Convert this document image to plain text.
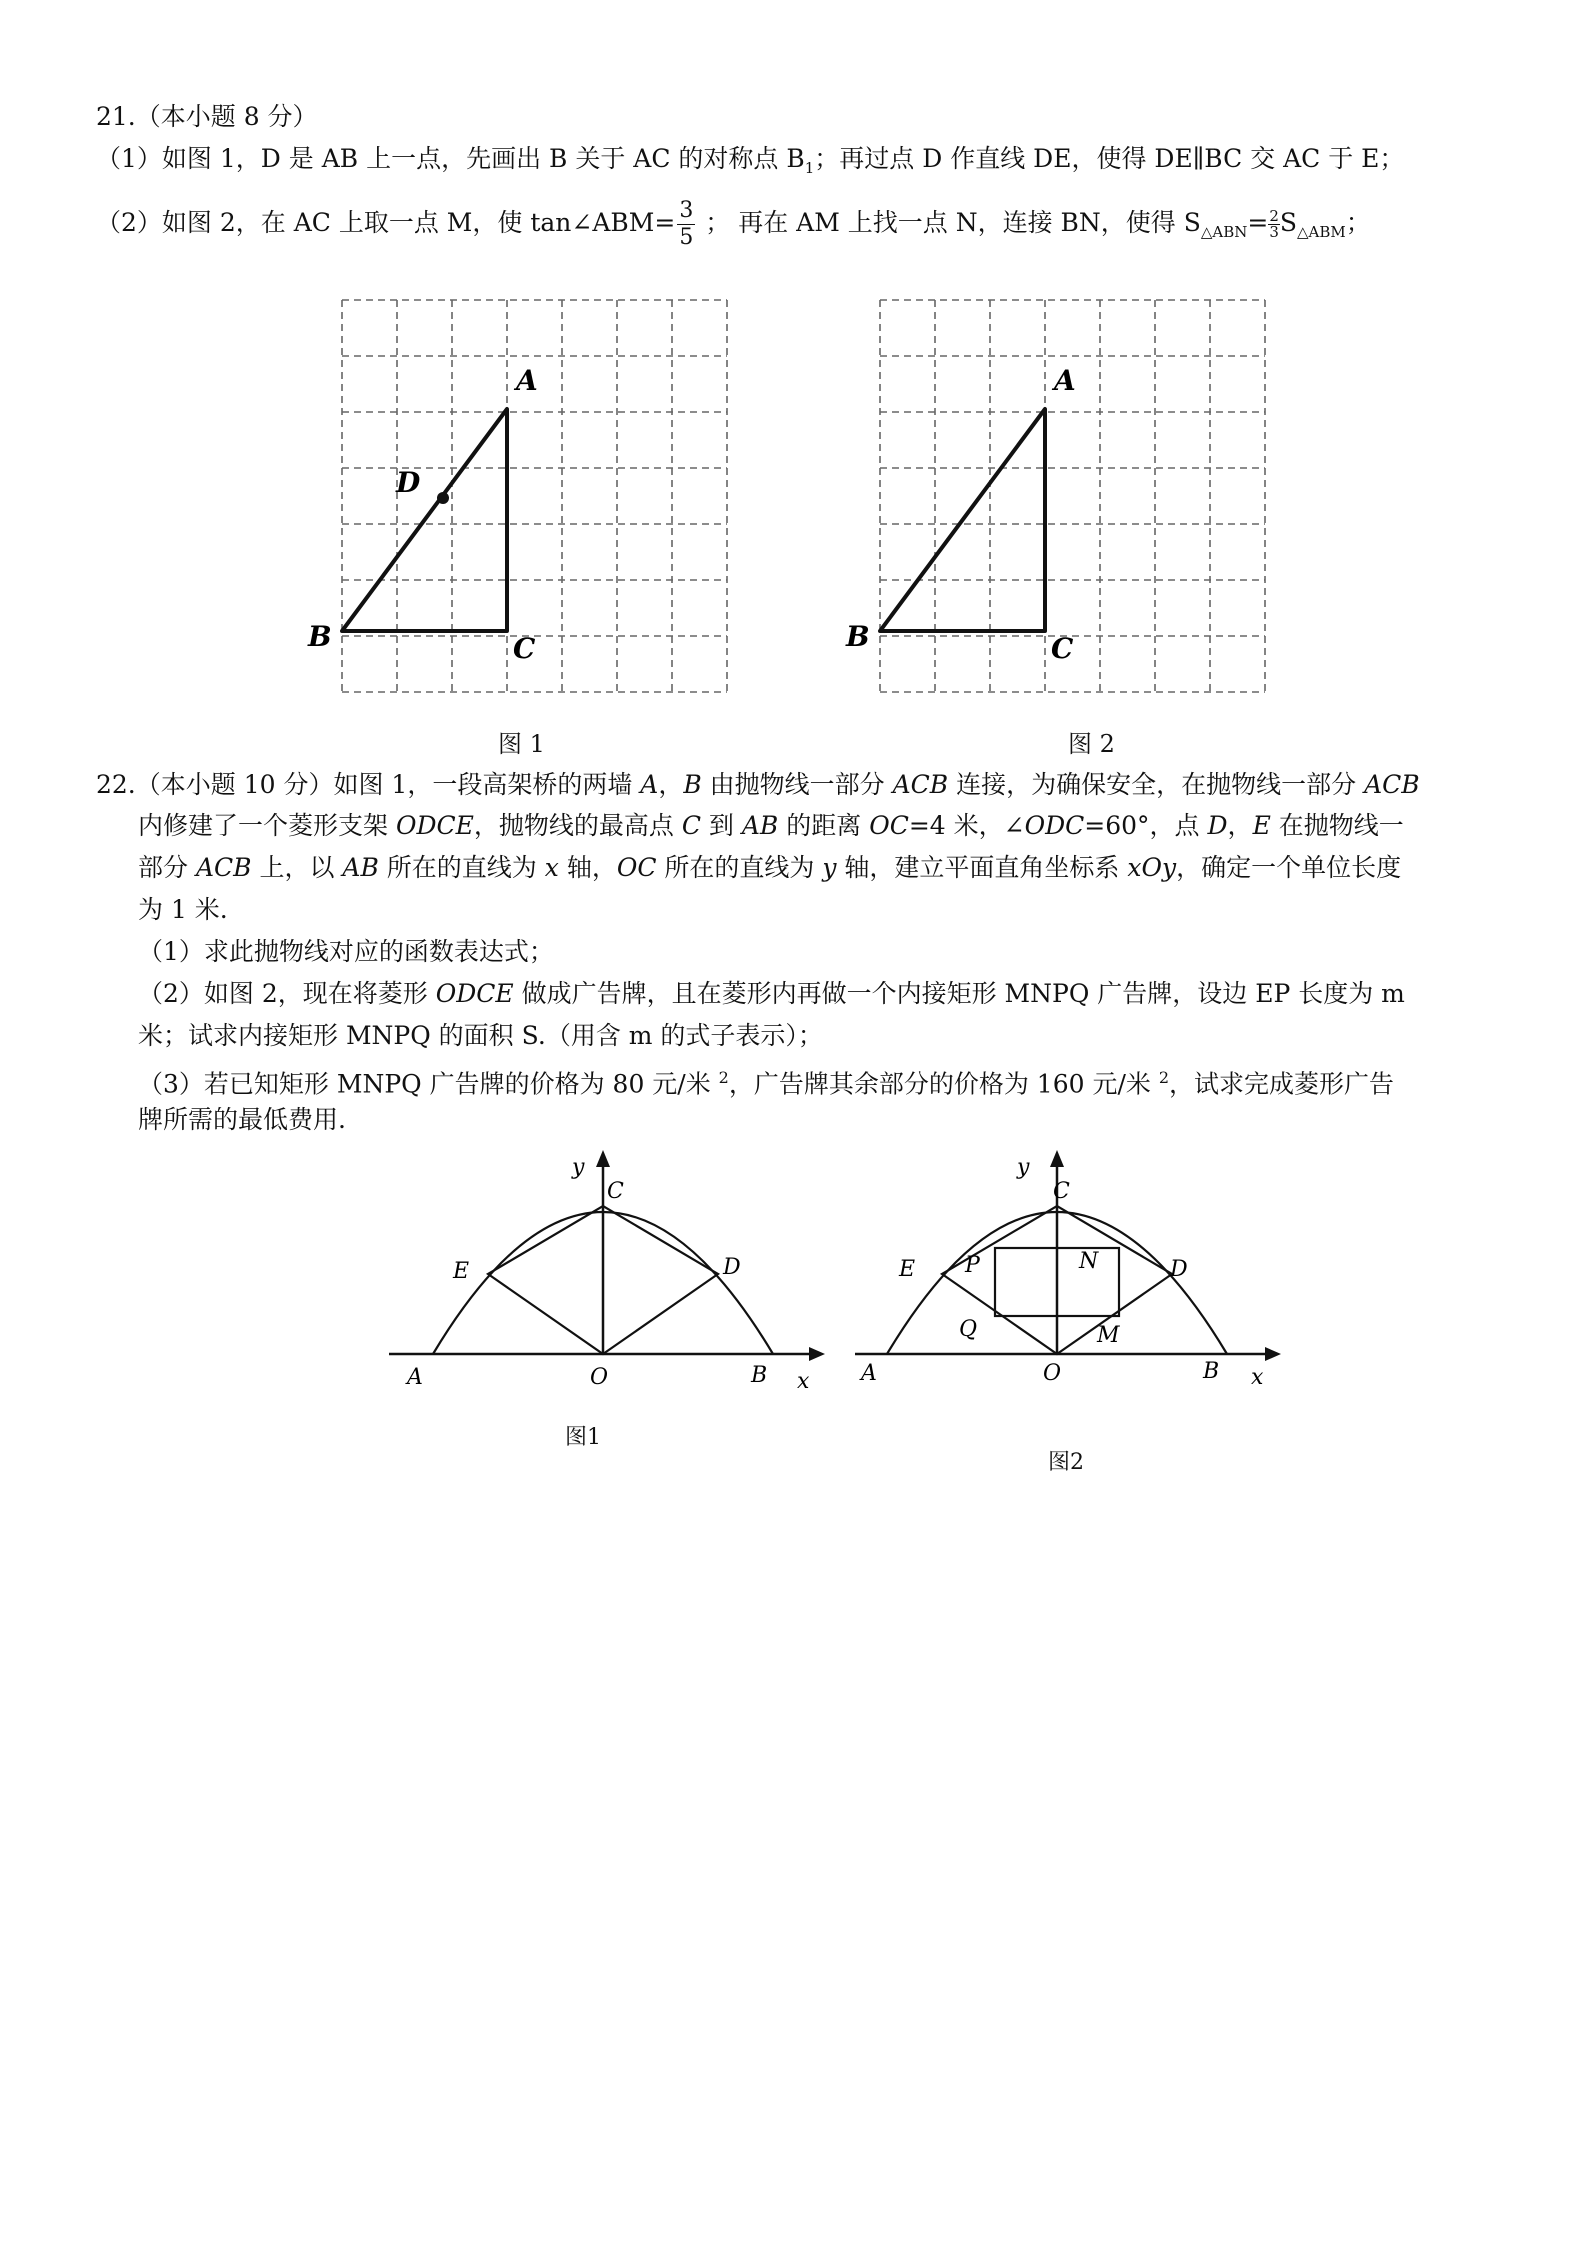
21.（本小题 8 分）
（1）如图 1，D 是 AB 上一点，先画出 B 关于 AC 的对称点 $B_1$；再过点 D 作直线 DE，使得 DE∥BC 交 AC 于 E；
（2）如图 2，在 AC 上取一点 M，使 tan∠ABM= $\frac{3}{5}$ ； 再在 AM 上找一点 N，连接 BN，使得 $S_{\triangle ABN}= \frac{2}{3} S_{\triangle ABM}$；
A
B	C
D
图 1
A
B	C
图 2
22.（本小题 10 分）如图 1，一段高架桥的两墙 A，B 由抛物线一部分 ACB 连接，为确保安全，在抛物线一部分 ACB
内修建了一个菱形支架 ODCE，抛物线的最高点 C 到 AB 的距离 OC=4 米，∠ODC=60°，点 D，E 在抛物线一
部分 ACB 上，以 AB 所在的直线为 x 轴，OC 所在的直线为 y 轴，建立平面直角坐标系 xOy，确定一个单位长度
为 1 米.
（1）求此抛物线对应的函数表达式；
（2）如图 2，现在将菱形 ODCE 做成广告牌，且在菱形内再做一个内接矩形 MNPQ 广告牌，设边 EP 长度为 m
米；试求内接矩形 MNPQ 的面积 S.（用含 m 的式子表示）；
（3）若已知矩形 MNPQ 广告牌的价格为 80 元/米 $^2$，广告牌其余部分的价格为 160 元/米 $^2$，试求完成菱形广告
牌所需的最低费用.
A	O	B x
y
C
D
E
图1
A	O	B x
y
C
D
E P	N
Q	M
图2
